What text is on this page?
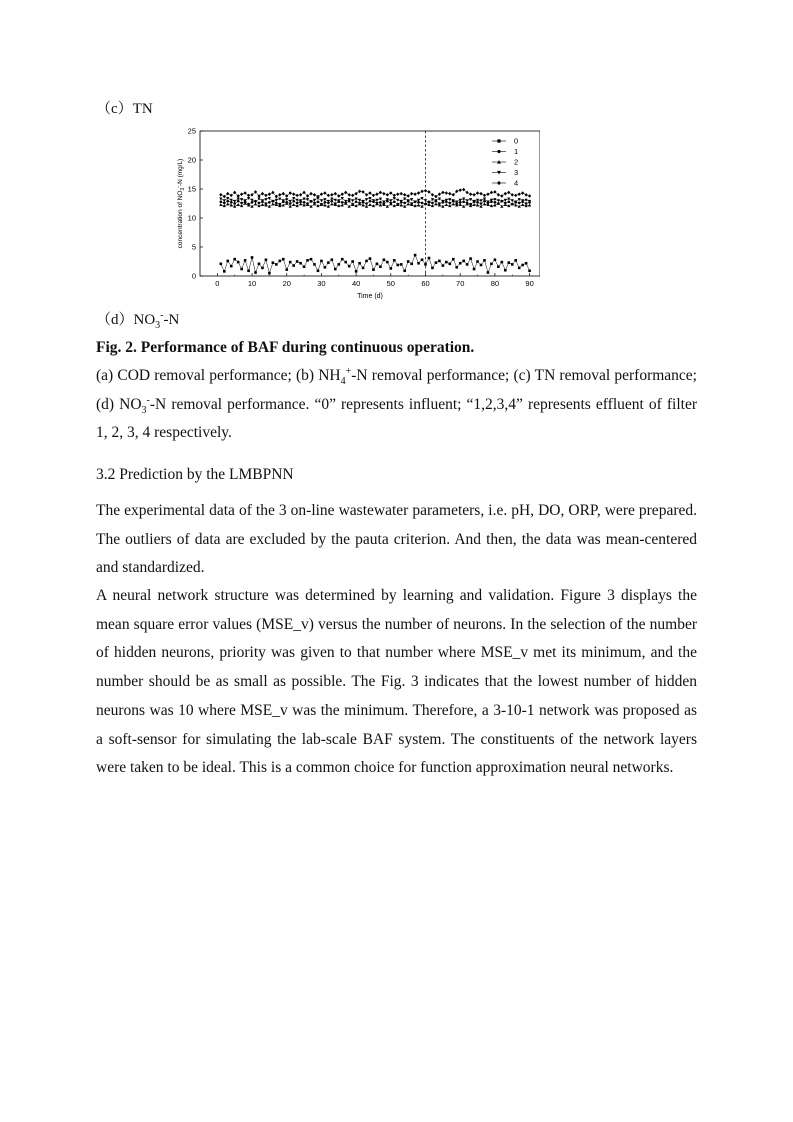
（c）TN
0	10	20	30	40	50	60	70	80	90
0
5
10
15
20
25
Time (d)
concentration of $NO_3^--N$ (mg/L)
0
1
2
3
4
$(d)NO_3^--N$
Fig. 2. Performance of BAF during continuous operation.
(a) COD removal performance; (b) $NH_4^+-N$ removal performance; (c) TN removal performance; (d) $NO_3^--N$ removal performance. “0” represents influent; “1,2,3,4” represents effluent of filter 1, 2, 3, 4 respectively.
3.2 Prediction by the LMBPNN
The experimental data of the 3 on-line wastewater parameters, i.e. pH, DO, ORP, were prepared. The outliers of data are excluded by the pauta criterion. And then, the data was mean-centered and standardized.
A neural network structure was determined by learning and validation. Figure 3 displays the mean square error values (MSE_v) versus the number of neurons. In the selection of the number of hidden neurons, priority was given to that number where MSE_v met its minimum, and the number should be as small as possible. The Fig. 3 indicates that the lowest number of hidden neurons was 10 where MSE_v was the minimum. Therefore, a 3-10-1 network was proposed as a soft-sensor for simulating the lab-scale BAF system. The constituents of the network layers were taken to be ideal. This is a common choice for function approximation neural networks.
